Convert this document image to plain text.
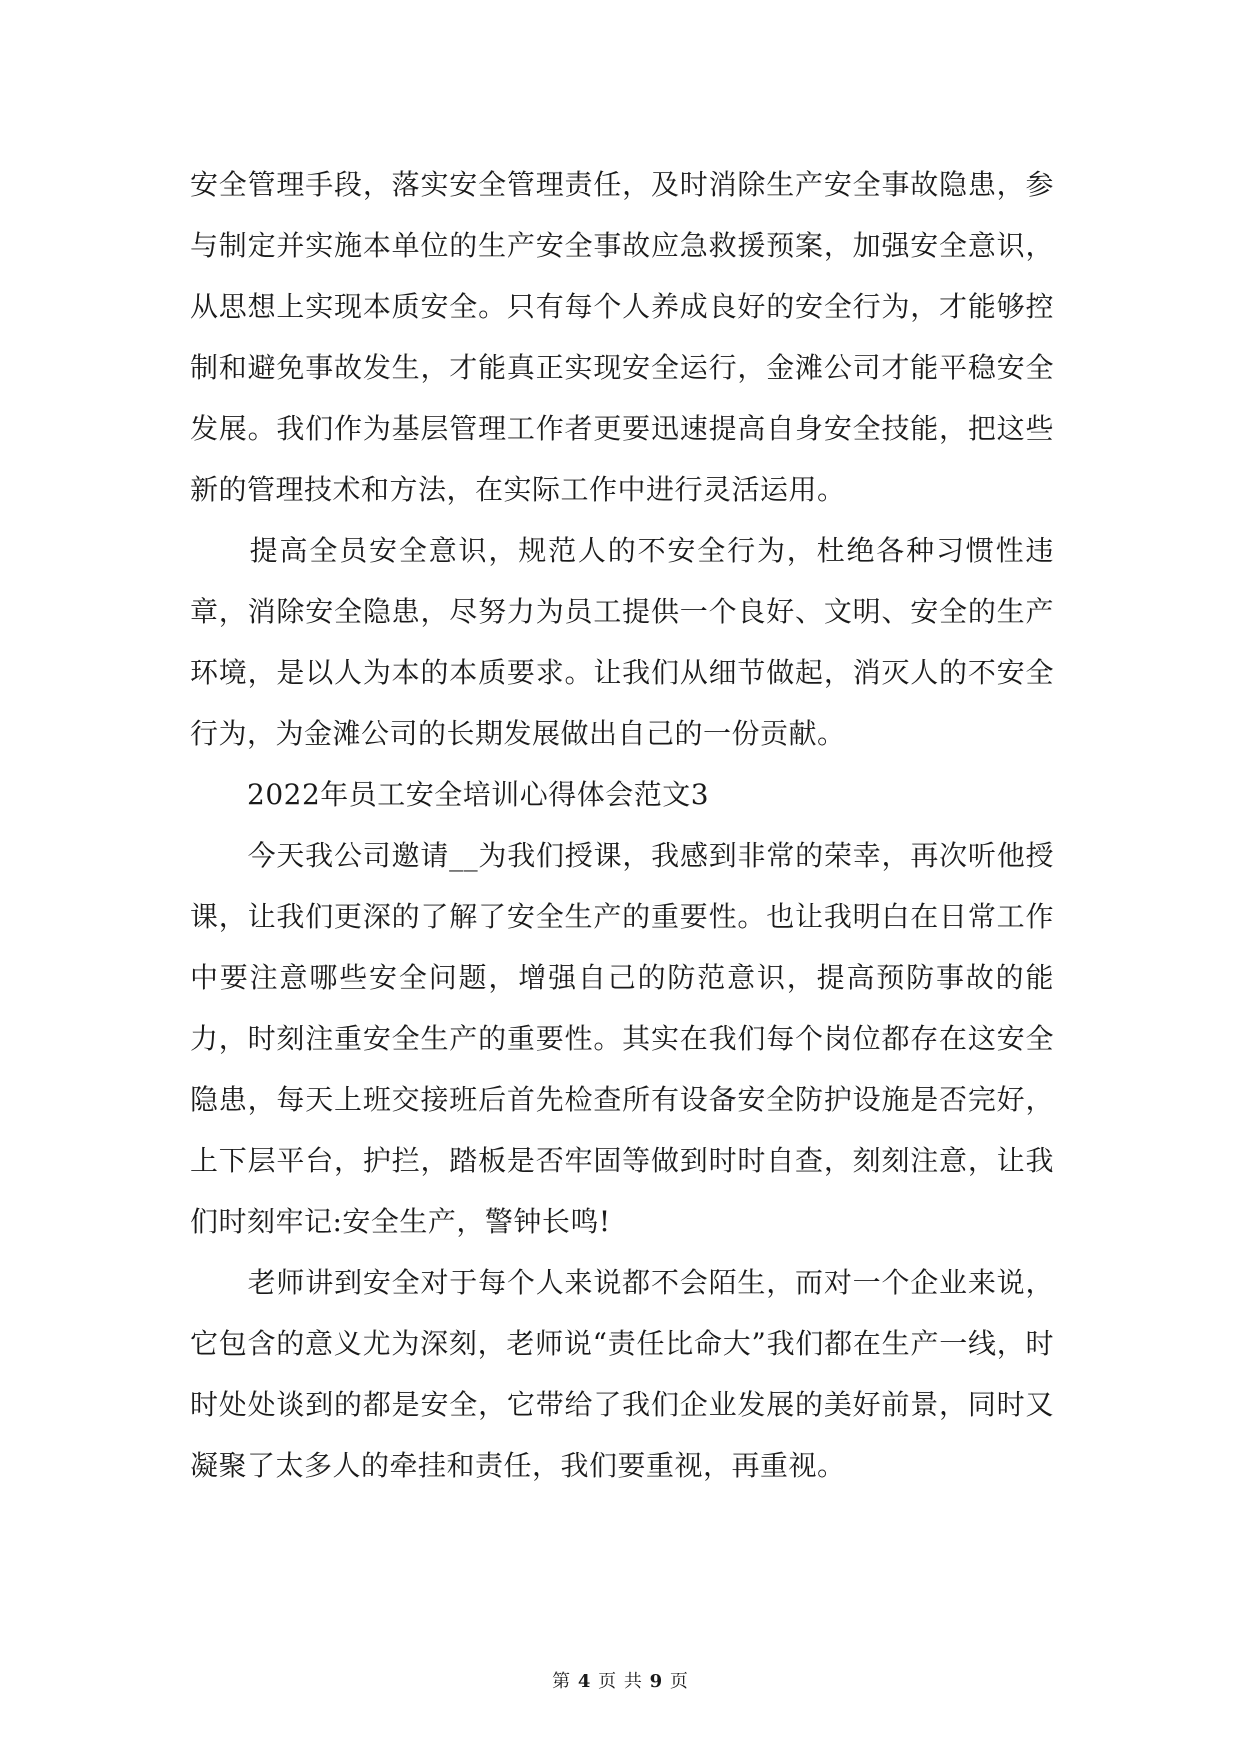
安全管理手段，落实安全管理责任，及时消除生产安全事故隐患，参与制定并实施本单位的生产安全事故应急救援预案，加强安全意识，从思想上实现本质安全。只有每个人养成良好的安全行为，才能够控制和避免事故发生，才能真正实现安全运行，金滩公司才能平稳安全发展。我们作为基层管理工作者更要迅速提高自身安全技能，把这些新的管理技术和方法，在实际工作中进行灵活运用。

　　提高全员安全意识，规范人的不安全行为，杜绝各种习惯性违章，消除安全隐患，尽努力为员工提供一个良好、文明、安全的生产环境，是以人为本的本质要求。让我们从细节做起，消灭人的不安全行为，为金滩公司的长期发展做出自己的一份贡献。

　　2022年员工安全培训心得体会范文3

　　今天我公司邀请__为我们授课，我感到非常的荣幸，再次听他授课，让我们更深的了解了安全生产的重要性。也让我明白在日常工作中要注意哪些安全问题，增强自己的防范意识，提高预防事故的能力，时刻注重安全生产的重要性。其实在我们每个岗位都存在这安全隐患，每天上班交接班后首先检查所有设备安全防护设施是否完好，上下层平台，护拦，踏板是否牢固等做到时时自查，刻刻注意，让我们时刻牢记:安全生产，警钟长鸣!

　　老师讲到安全对于每个人来说都不会陌生，而对一个企业来说，它包含的意义尤为深刻，老师说“责任比命大”我们都在生产一线，时时处处谈到的都是安全，它带给了我们企业发展的美好前景，同时又凝聚了太多人的牵挂和责任，我们要重视，再重视。

第 4 页 共 9 页
